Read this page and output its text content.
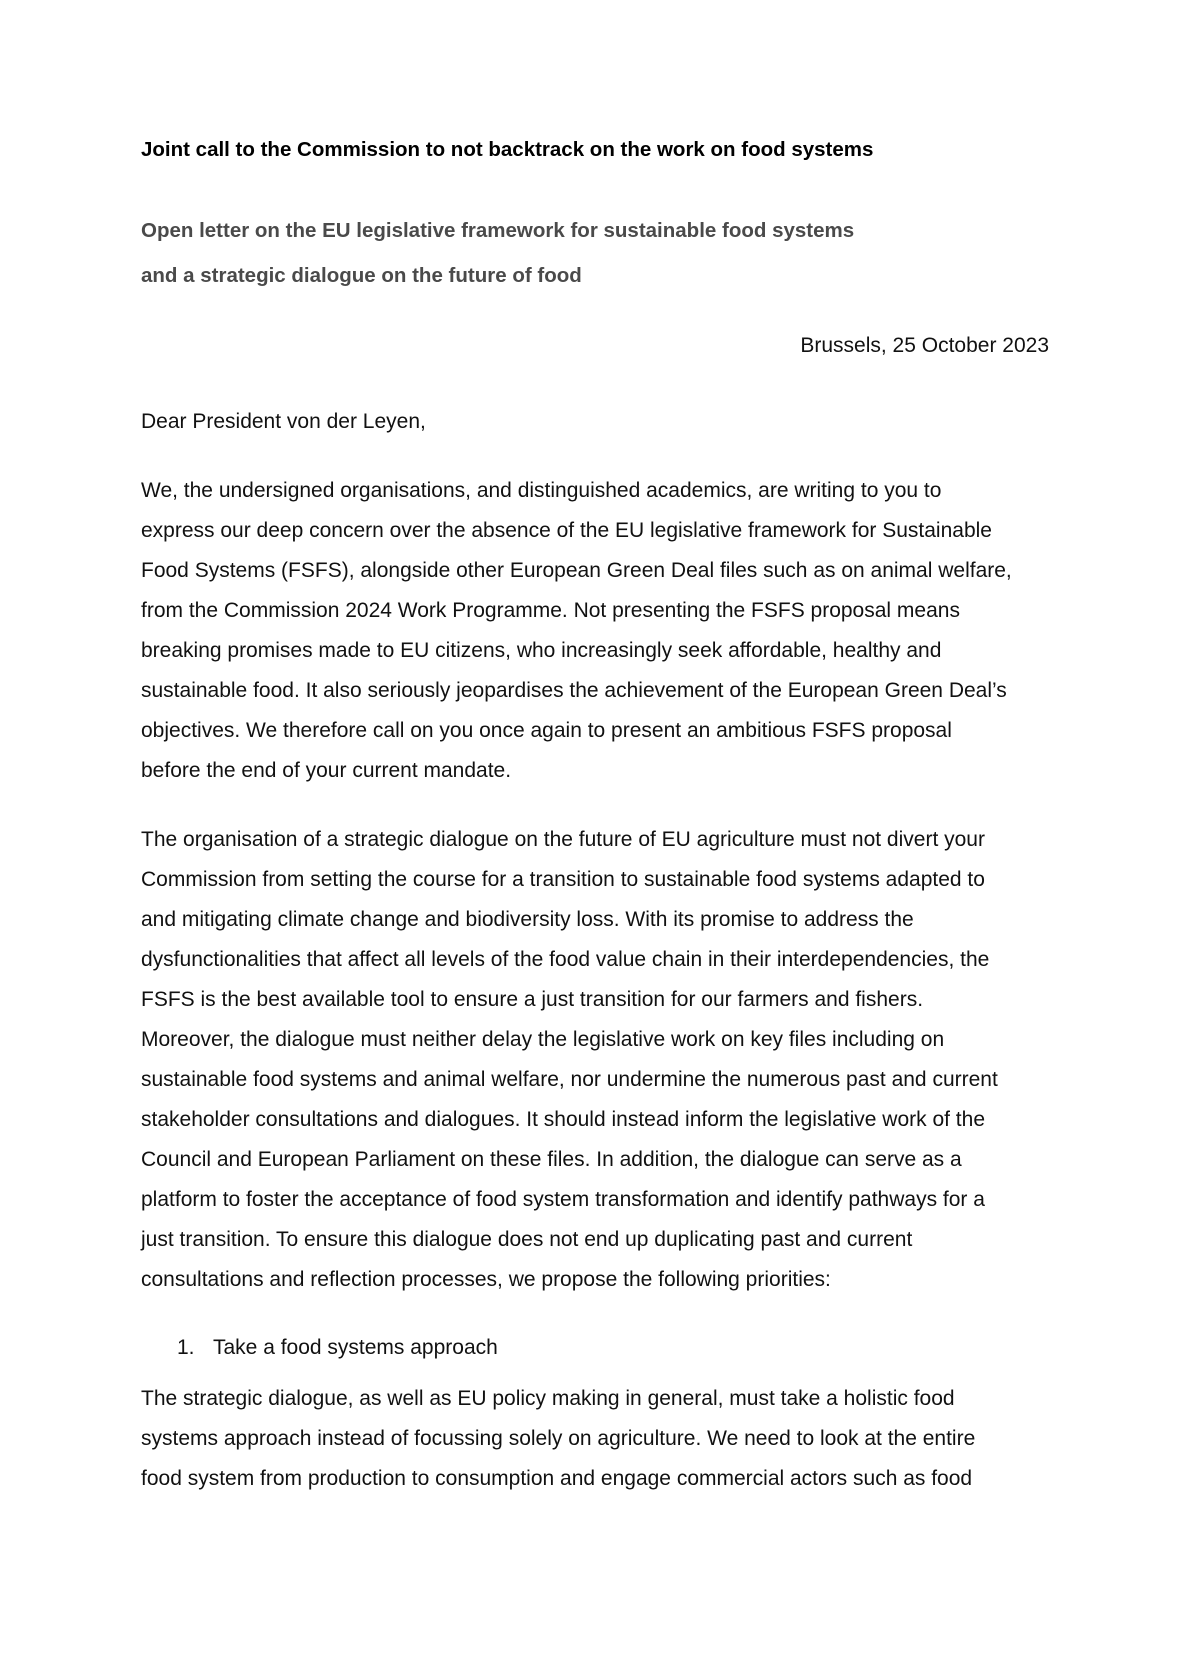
Joint call to the Commission to not backtrack on the work on food systems
Open letter on the EU legislative framework for sustainable food systems
and a strategic dialogue on the future of food

Brussels, 25 October 2023

Dear President von der Leyen,

We, the undersigned organisations, and distinguished academics, are writing to you to
express our deep concern over the absence of the EU legislative framework for Sustainable
Food Systems (FSFS), alongside other European Green Deal files such as on animal welfare,
from the Commission 2024 Work Programme. Not presenting the FSFS proposal means
breaking promises made to EU citizens, who increasingly seek affordable, healthy and
sustainable food. It also seriously jeopardises the achievement of the European Green Deal’s
objectives. We therefore call on you once again to present an ambitious FSFS proposal
before the end of your current mandate.

The organisation of a strategic dialogue on the future of EU agriculture must not divert your
Commission from setting the course for a transition to sustainable food systems adapted to
and mitigating climate change and biodiversity loss. With its promise to address the
dysfunctionalities that affect all levels of the food value chain in their interdependencies, the
FSFS is the best available tool to ensure a just transition for our farmers and fishers.
Moreover, the dialogue must neither delay the legislative work on key files including on
sustainable food systems and animal welfare, nor undermine the numerous past and current
stakeholder consultations and dialogues. It should instead inform the legislative work of the
Council and European Parliament on these files. In addition, the dialogue can serve as a
platform to foster the acceptance of food system transformation and identify pathways for a
just transition. To ensure this dialogue does not end up duplicating past and current
consultations and reflection processes, we propose the following priorities:

1. Take a food systems approach

The strategic dialogue, as well as EU policy making in general, must take a holistic food
systems approach instead of focussing solely on agriculture. We need to look at the entire
food system from production to consumption and engage commercial actors such as food
